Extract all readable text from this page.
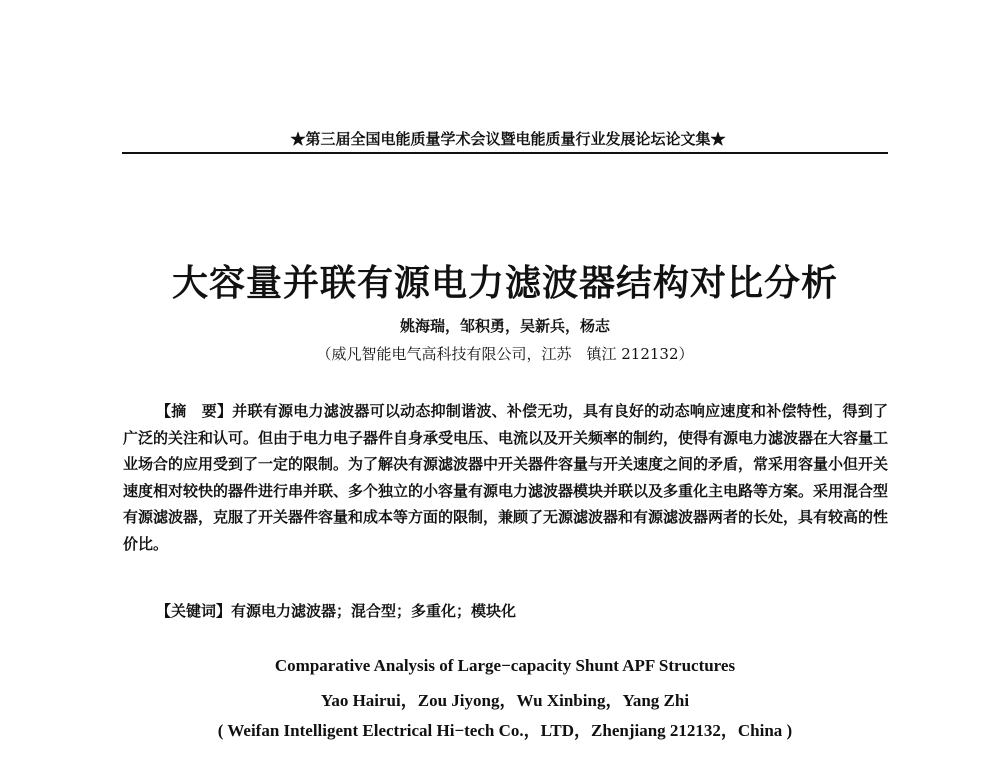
★第三届全国电能质量学术会议暨电能质量行业发展论坛论文集★
大容量并联有源电力滤波器结构对比分析
姚海瑞，邹积勇，吴新兵，杨志
（威凡智能电气高科技有限公司，江苏　镇江 212132）

【摘　要】并联有源电力滤波器可以动态抑制谐波、补偿无功，具有良好的动态响应速度和补偿特性，得到了广泛的关注和认可。但由于电力电子器件自身承受电压、电流以及开关频率的制约，使得有源电力滤波器在大容量工业场合的应用受到了一定的限制。为了解决有源滤波器中开关器件容量与开关速度之间的矛盾，常采用容量小但开关速度相对较快的器件进行串并联、多个独立的小容量有源电力滤波器模块并联以及多重化主电路等方案。采用混合型有源滤波器，克服了开关器件容量和成本等方面的限制，兼顾了无源滤波器和有源滤波器两者的长处，具有较高的性价比。

【关键词】有源电力滤波器；混合型；多重化；模块化
Comparative Analysis of Large−capacity Shunt APF Structures
Yao Hairui，Zou Jiyong，Wu Xinbing，Yang Zhi
( Weifan Intelligent Electrical Hi−tech Co.，LTD，Zhenjiang 212132，China )
